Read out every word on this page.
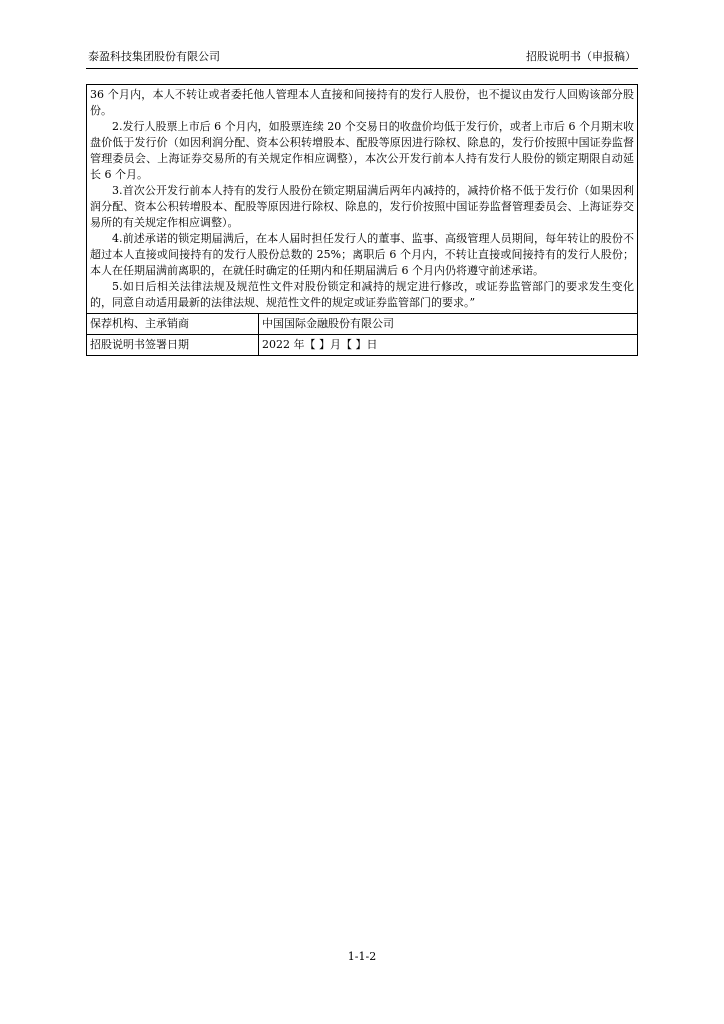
泰盈科技集团股份有限公司	招股说明书（申报稿）

36 个月内，本人不转让或者委托他人管理本人直接和间接持有的发行人股份，也不提议由发行人回购该部分股份。

2.发行人股票上市后 6 个月内，如股票连续 20 个交易日的收盘价均低于发行价，或者上市后 6 个月期末收盘价低于发行价（如因利润分配、资本公积转增股本、配股等原因进行除权、除息的，发行价按照中国证券监督管理委员会、上海证券交易所的有关规定作相应调整），本次公开发行前本人持有发行人股份的锁定期限自动延长 6 个月。

3.首次公开发行前本人持有的发行人股份在锁定期届满后两年内减持的，减持价格不低于发行价（如果因利润分配、资本公积转增股本、配股等原因进行除权、除息的，发行价按照中国证券监督管理委员会、上海证券交易所的有关规定作相应调整）。

4.前述承诺的锁定期届满后，在本人届时担任发行人的董事、监事、高级管理人员期间，每年转让的股份不超过本人直接或间接持有的发行人股份总数的 25%；离职后 6 个月内，不转让直接或间接持有的发行人股份；本人在任期届满前离职的，在就任时确定的任期内和任期届满后 6 个月内仍将遵守前述承诺。

5.如日后相关法律法规及规范性文件对股份锁定和减持的规定进行修改，或证券监管部门的要求发生变化的，同意自动适用最新的法律法规、规范性文件的规定或证券监管部门的要求。”	

保荐机构、主承销商	中国国际金融股份有限公司
招股说明书签署日期	2022 年【 】月【 】日
1-1-2
